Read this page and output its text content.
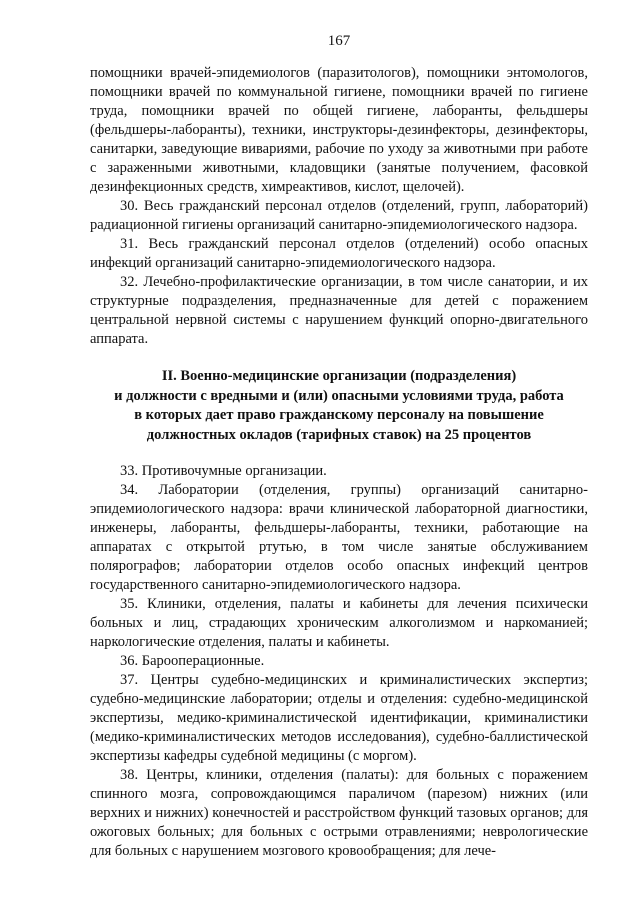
167

помощники врачей-эпидемиологов (паразитологов), помощники энтомологов, помощники врачей по коммунальной гигиене, помощники врачей по гигиене труда, помощники врачей по общей гигиене, лаборанты, фельдшеры (фельдшеры-лаборанты), техники, инструкторы-дезинфекторы, дезинфекторы, санитарки, заведующие вивариями, рабочие по уходу за животными при работе с зараженными животными, кладовщики (занятые получением, фасовкой дезинфекционных средств, химреактивов, кислот, щелочей).

30. Весь гражданский персонал отделов (отделений, групп, лабораторий) радиационной гигиены организаций санитарно-эпидемиологического надзора.

31. Весь гражданский персонал отделов (отделений) особо опасных инфекций организаций санитарно-эпидемиологического надзора.

32. Лечебно-профилактические организации, в том числе санатории, и их структурные подразделения, предназначенные для детей с поражением центральной нервной системы с нарушением функций опорно-двигательного аппарата.

II. Военно-медицинские организации (подразделения)
и должности с вредными и (или) опасными условиями труда, работа
в которых дает право гражданскому персоналу на повышение
должностных окладов (тарифных ставок) на 25 процентов

33. Противочумные организации.

34. Лаборатории (отделения, группы) организаций санитарно-эпидемиологического надзора: врачи клинической лабораторной диагностики, инженеры, лаборанты, фельдшеры-лаборанты, техники, работающие на аппаратах с открытой ртутью, в том числе занятые обслуживанием полярографов; лаборатории отделов особо опасных инфекций центров государственного санитарно-эпидемиологического надзора.

35. Клиники, отделения, палаты и кабинеты для лечения психически больных и лиц, страдающих хроническим алкоголизмом и наркоманией; наркологические отделения, палаты и кабинеты.

36. Барооперационные.

37. Центры судебно-медицинских и криминалистических экспертиз; судебно-медицинские лаборатории; отделы и отделения: судебно-медицинской экспертизы, медико-криминалистической идентификации, криминалистики (медико-криминалистических методов исследования), судебно-баллистической экспертизы кафедры судебной медицины (с моргом).

38. Центры, клиники, отделения (палаты): для больных с поражением спинного мозга, сопровождающимся параличом (парезом) нижних (или верхних и нижних) конечностей и расстройством функций тазовых органов; для ожоговых больных; для больных с острыми отравлениями; неврологические для больных с нарушением мозгового кровообращения; для лече-
